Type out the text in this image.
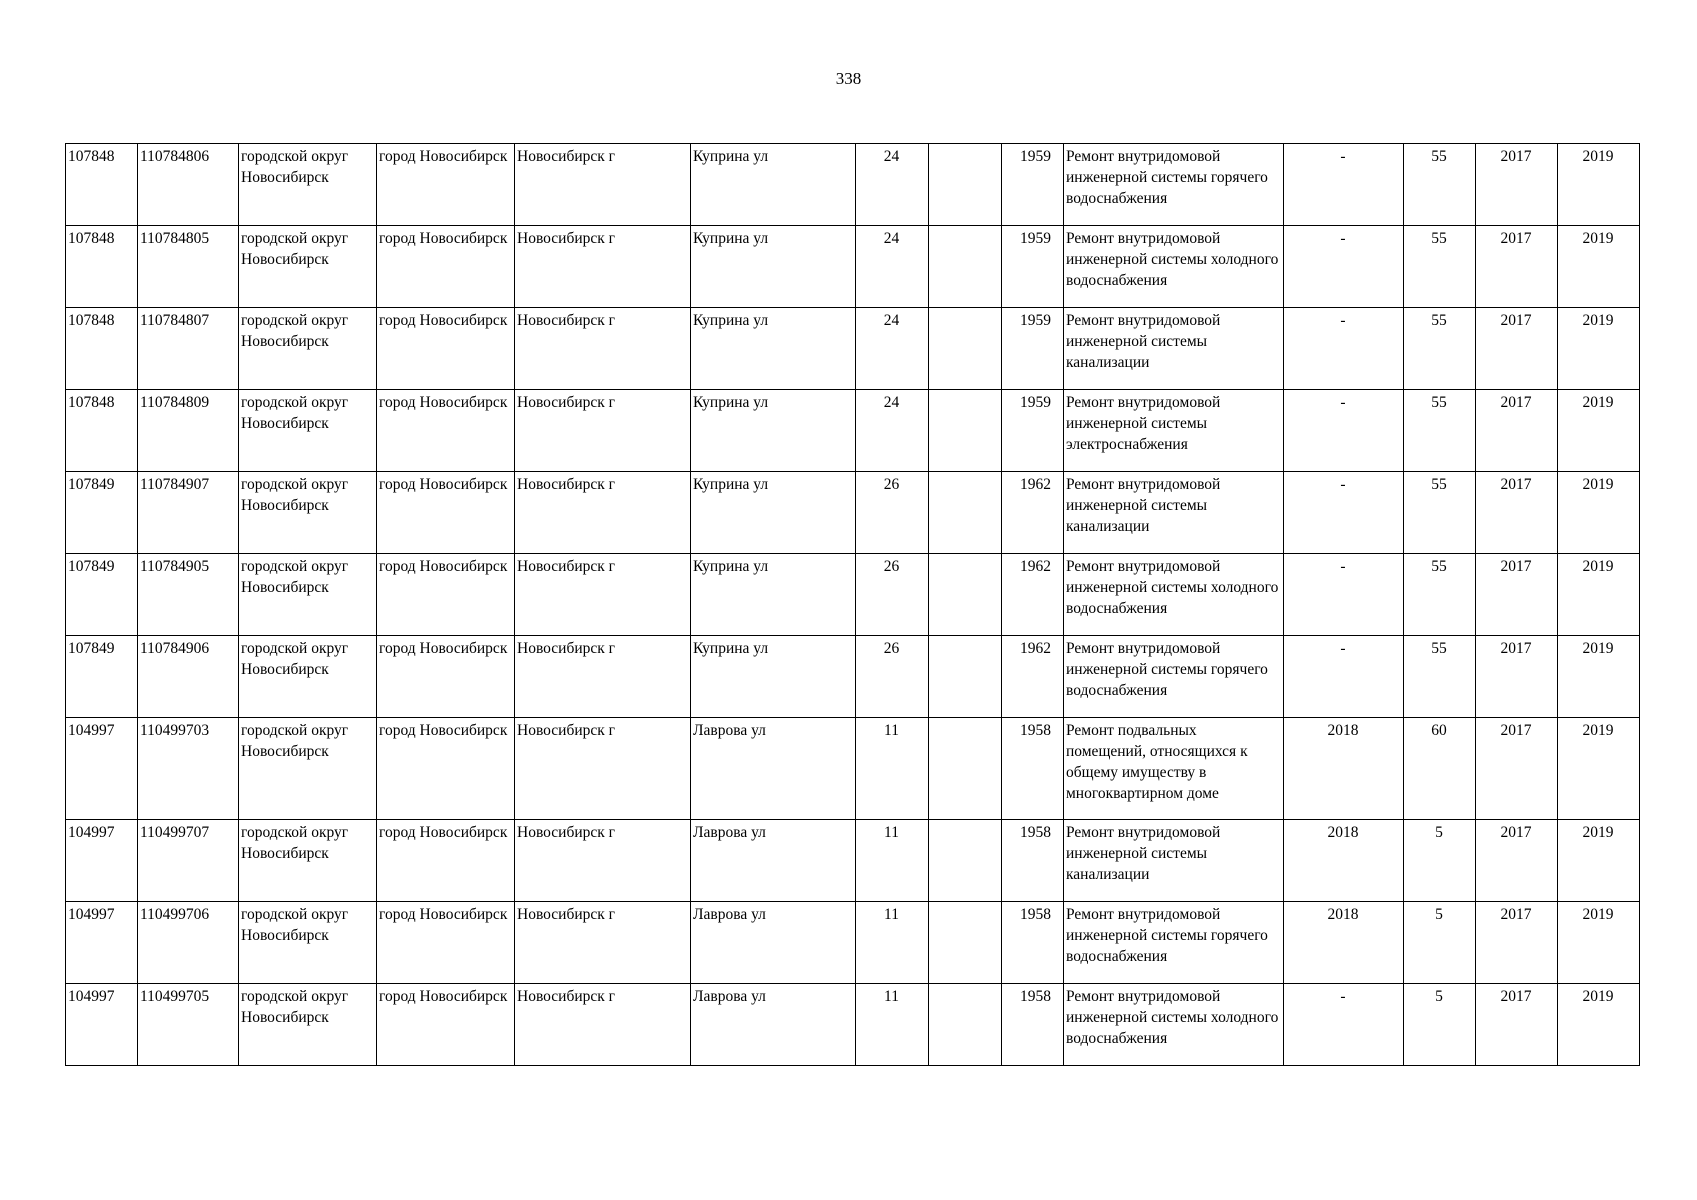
338
107848	110784806	городской округ Новосибирск	город Новосибирск	Новосибирск г	Куприна ул	24		1959	Ремонт внутридомовой инженерной системы горячего водоснабжения	-	55	2017	2019
107848	110784805	городской округ Новосибирск	город Новосибирск	Новосибирск г	Куприна ул	24		1959	Ремонт внутридомовой инженерной системы холодного водоснабжения	-	55	2017	2019
107848	110784807	городской округ Новосибирск	город Новосибирск	Новосибирск г	Куприна ул	24		1959	Ремонт внутридомовой инженерной системы канализации	-	55	2017	2019
107848	110784809	городской округ Новосибирск	город Новосибирск	Новосибирск г	Куприна ул	24		1959	Ремонт внутридомовой инженерной системы электроснабжения	-	55	2017	2019
107849	110784907	городской округ Новосибирск	город Новосибирск	Новосибирск г	Куприна ул	26		1962	Ремонт внутридомовой инженерной системы канализации	-	55	2017	2019
107849	110784905	городской округ Новосибирск	город Новосибирск	Новосибирск г	Куприна ул	26		1962	Ремонт внутридомовой инженерной системы холодного водоснабжения	-	55	2017	2019
107849	110784906	городской округ Новосибирск	город Новосибирск	Новосибирск г	Куприна ул	26		1962	Ремонт внутридомовой инженерной системы горячего водоснабжения	-	55	2017	2019
104997	110499703	городской округ Новосибирск	город Новосибирск	Новосибирск г	Лаврова ул	11		1958	Ремонт подвальных помещений, относящихся к общему имуществу в многоквартирном доме	2018	60	2017	2019
104997	110499707	городской округ Новосибирск	город Новосибирск	Новосибирск г	Лаврова ул	11		1958	Ремонт внутридомовой инженерной системы канализации	2018	5	2017	2019
104997	110499706	городской округ Новосибирск	город Новосибирск	Новосибирск г	Лаврова ул	11		1958	Ремонт внутридомовой инженерной системы горячего водоснабжения	2018	5	2017	2019
104997	110499705	городской округ Новосибирск	город Новосибирск	Новосибирск г	Лаврова ул	11		1958	Ремонт внутридомовой инженерной системы холодного водоснабжения	-	5	2017	2019
